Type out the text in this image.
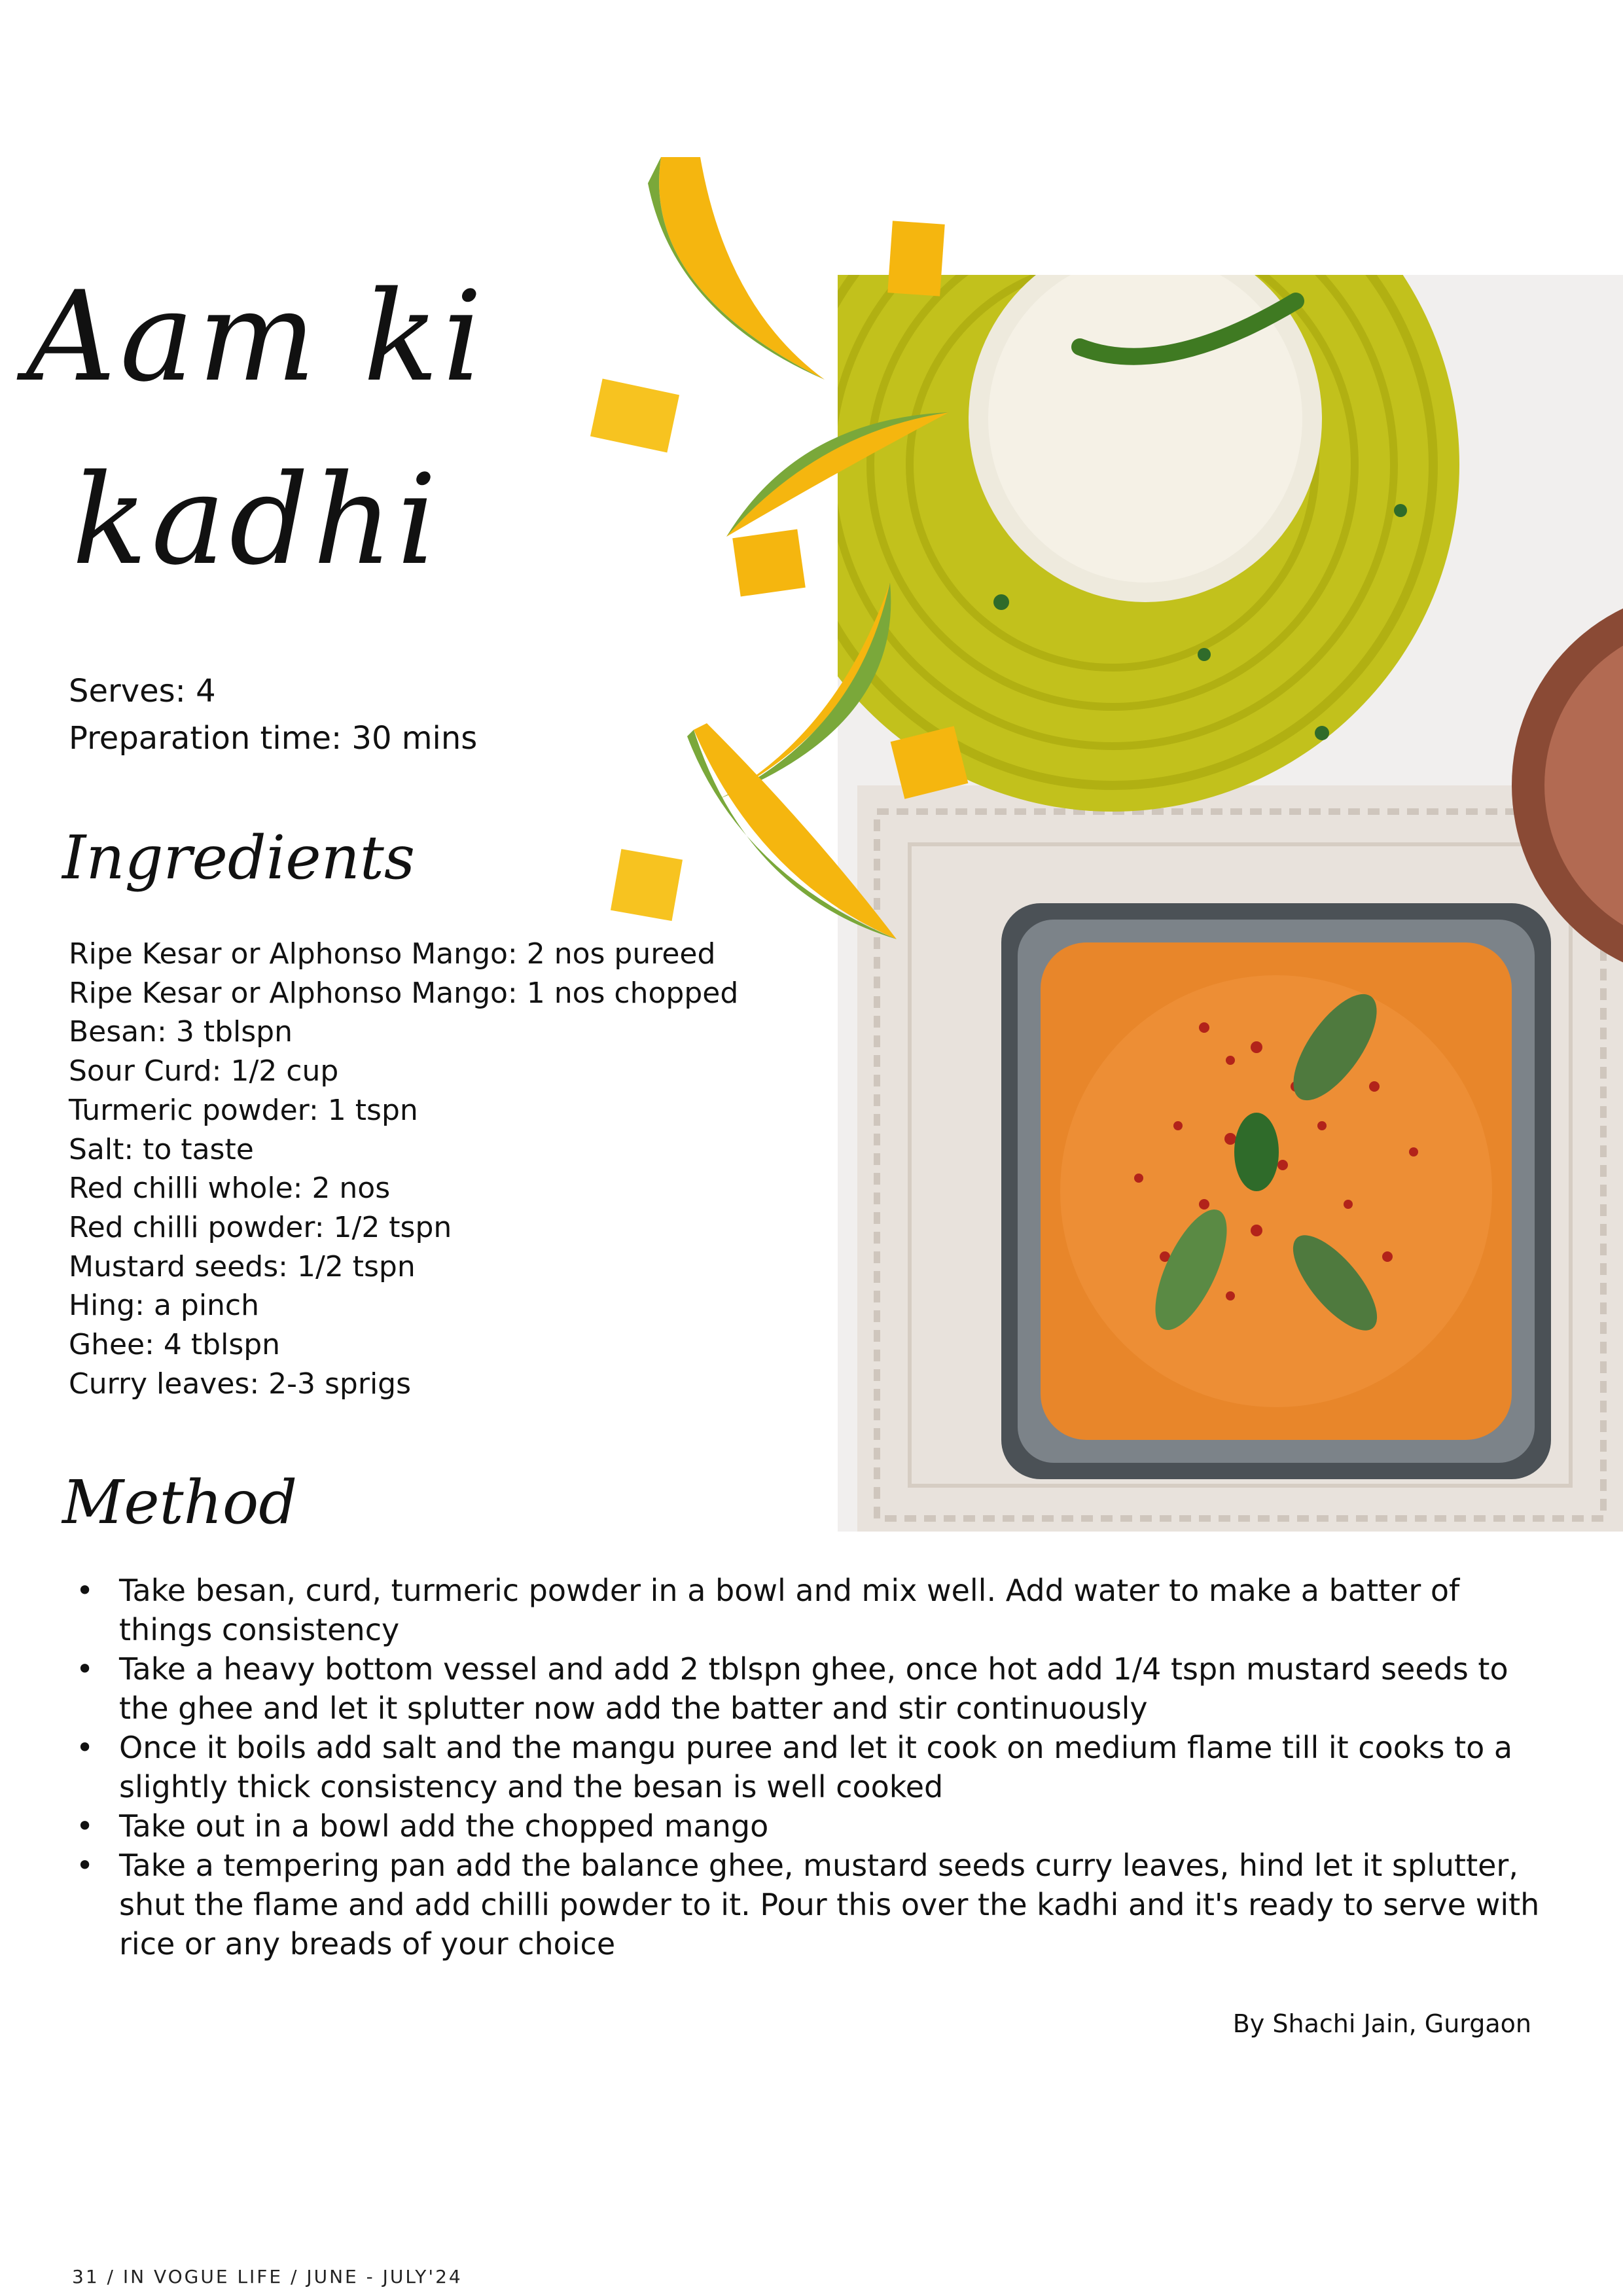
Aam ki
kadhi
Serves: 4
Preparation time: 30 mins
Ingredients
Ripe Kesar or Alphonso Mango: 2 nos pureed
Ripe Kesar or Alphonso Mango: 1 nos chopped
Besan: 3 tblspn
Sour Curd: 1/2 cup
Turmeric powder: 1 tspn
Salt: to taste
Red chilli whole: 2 nos
Red chilli powder: 1/2 tspn
Mustard seeds: 1/2 tspn
Hing: a pinch
Ghee: 4 tblspn
Curry leaves: 2-3 sprigs
Method
• Take besan, curd, turmeric powder in a bowl and mix well. Add water to make a batter of things consistency
• Take a heavy bottom vessel and add 2 tblspn ghee, once hot add 1/4 tspn mustard seeds to the ghee and let it splutter now add the batter and stir continuously
• Once it boils add salt and the mangu puree and let it cook on medium flame till it cooks to a slightly thick consistency and the besan is well cooked
• Take out in a bowl add the chopped mango
• Take a tempering pan add the balance ghee, mustard seeds curry leaves, hind let it splutter, shut the flame and add chilli powder to it. Pour this over the kadhi and it's ready to serve with rice or any breads of your choice
By Shachi Jain, Gurgaon
31 / IN VOGUE LIFE / JUNE - JULY'24
